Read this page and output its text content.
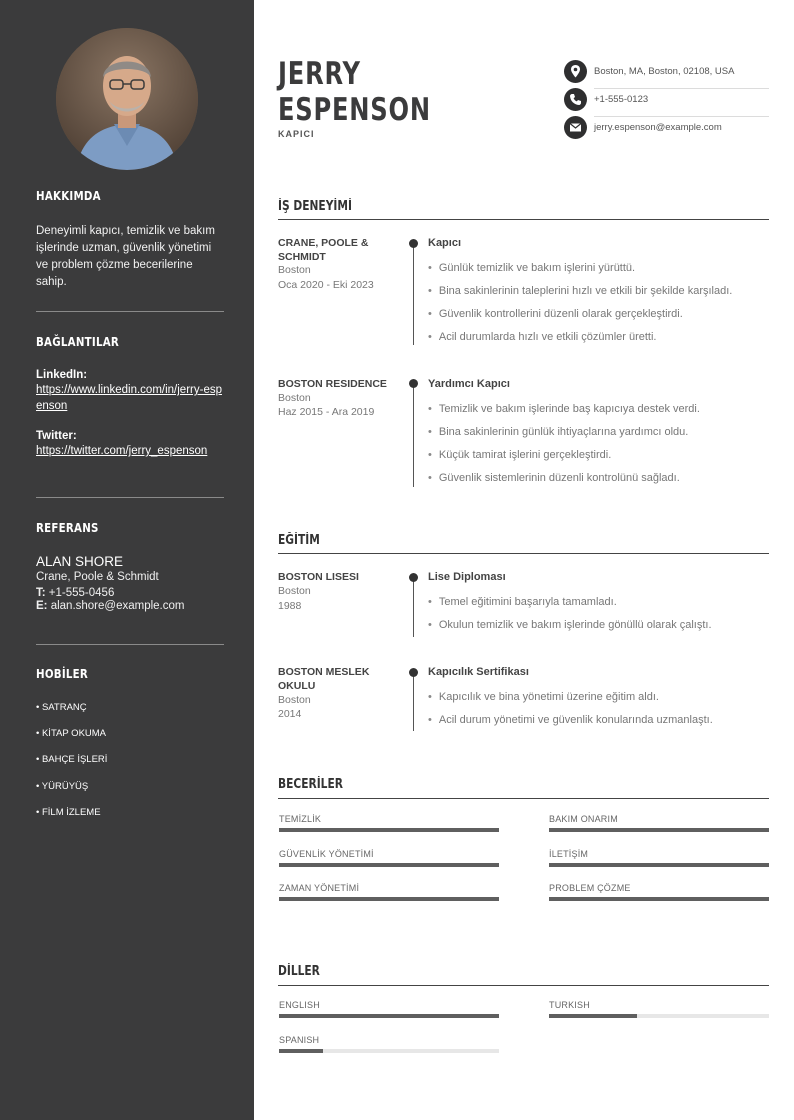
HAKKIMDA
Deneyimli kapıcı, temizlik ve bakım işlerinde uzman, güvenlik yönetimi ve problem çözme becerilerine sahip.
BAĞLANTILAR
LinkedIn:
https://www.linkedin.com/in/jerry-espenson
Twitter:
https://twitter.com/jerry_espenson
REFERANS
ALAN SHORE
Crane, Poole & Schmidt
T: +1-555-0456
E: alan.shore@example.com
HOBİLER
• SATRANÇ
• KİTAP OKUMA
• BAHÇE İŞLERİ
• YÜRÜYÜŞ
• FİLM İZLEME
JERRY
ESPENSON
KAPICI
Boston, MA, Boston, 02108, USA
+1-555-0123
jerry.espenson@example.com
İŞ DENEYİMİ
CRANE, POOLE & SCHMIDT
Boston
Oca 2020 - Eki 2023
Kapıcı
• Günlük temizlik ve bakım işlerini yürüttü.
• Bina sakinlerinin taleplerini hızlı ve etkili bir şekilde karşıladı.
• Güvenlik kontrollerini düzenli olarak gerçekleştirdi.
• Acil durumlarda hızlı ve etkili çözümler üretti.
BOSTON RESIDENCE
Boston
Haz 2015 - Ara 2019
Yardımcı Kapıcı
• Temizlik ve bakım işlerinde baş kapıcıya destek verdi.
• Bina sakinlerinin günlük ihtiyaçlarına yardımcı oldu.
• Küçük tamirat işlerini gerçekleştirdi.
• Güvenlik sistemlerinin düzenli kontrolünü sağladı.
EĞİTİM
BOSTON LISESI
Boston
1988
Lise Diploması
• Temel eğitimini başarıyla tamamladı.
• Okulun temizlik ve bakım işlerinde gönüllü olarak çalıştı.
BOSTON MESLEK OKULU
Boston
2014
Kapıcılık Sertifikası
• Kapıcılık ve bina yönetimi üzerine eğitim aldı.
• Acil durum yönetimi ve güvenlik konularında uzmanlaştı.
BECERİLER
TEMİZLİK	BAKIM ONARIM
GÜVENLİK YÖNETİMİ	İLETİŞİM
ZAMAN YÖNETİMİ	PROBLEM ÇÖZME
DİLLER
ENGLISH	TURKISH
SPANISH
